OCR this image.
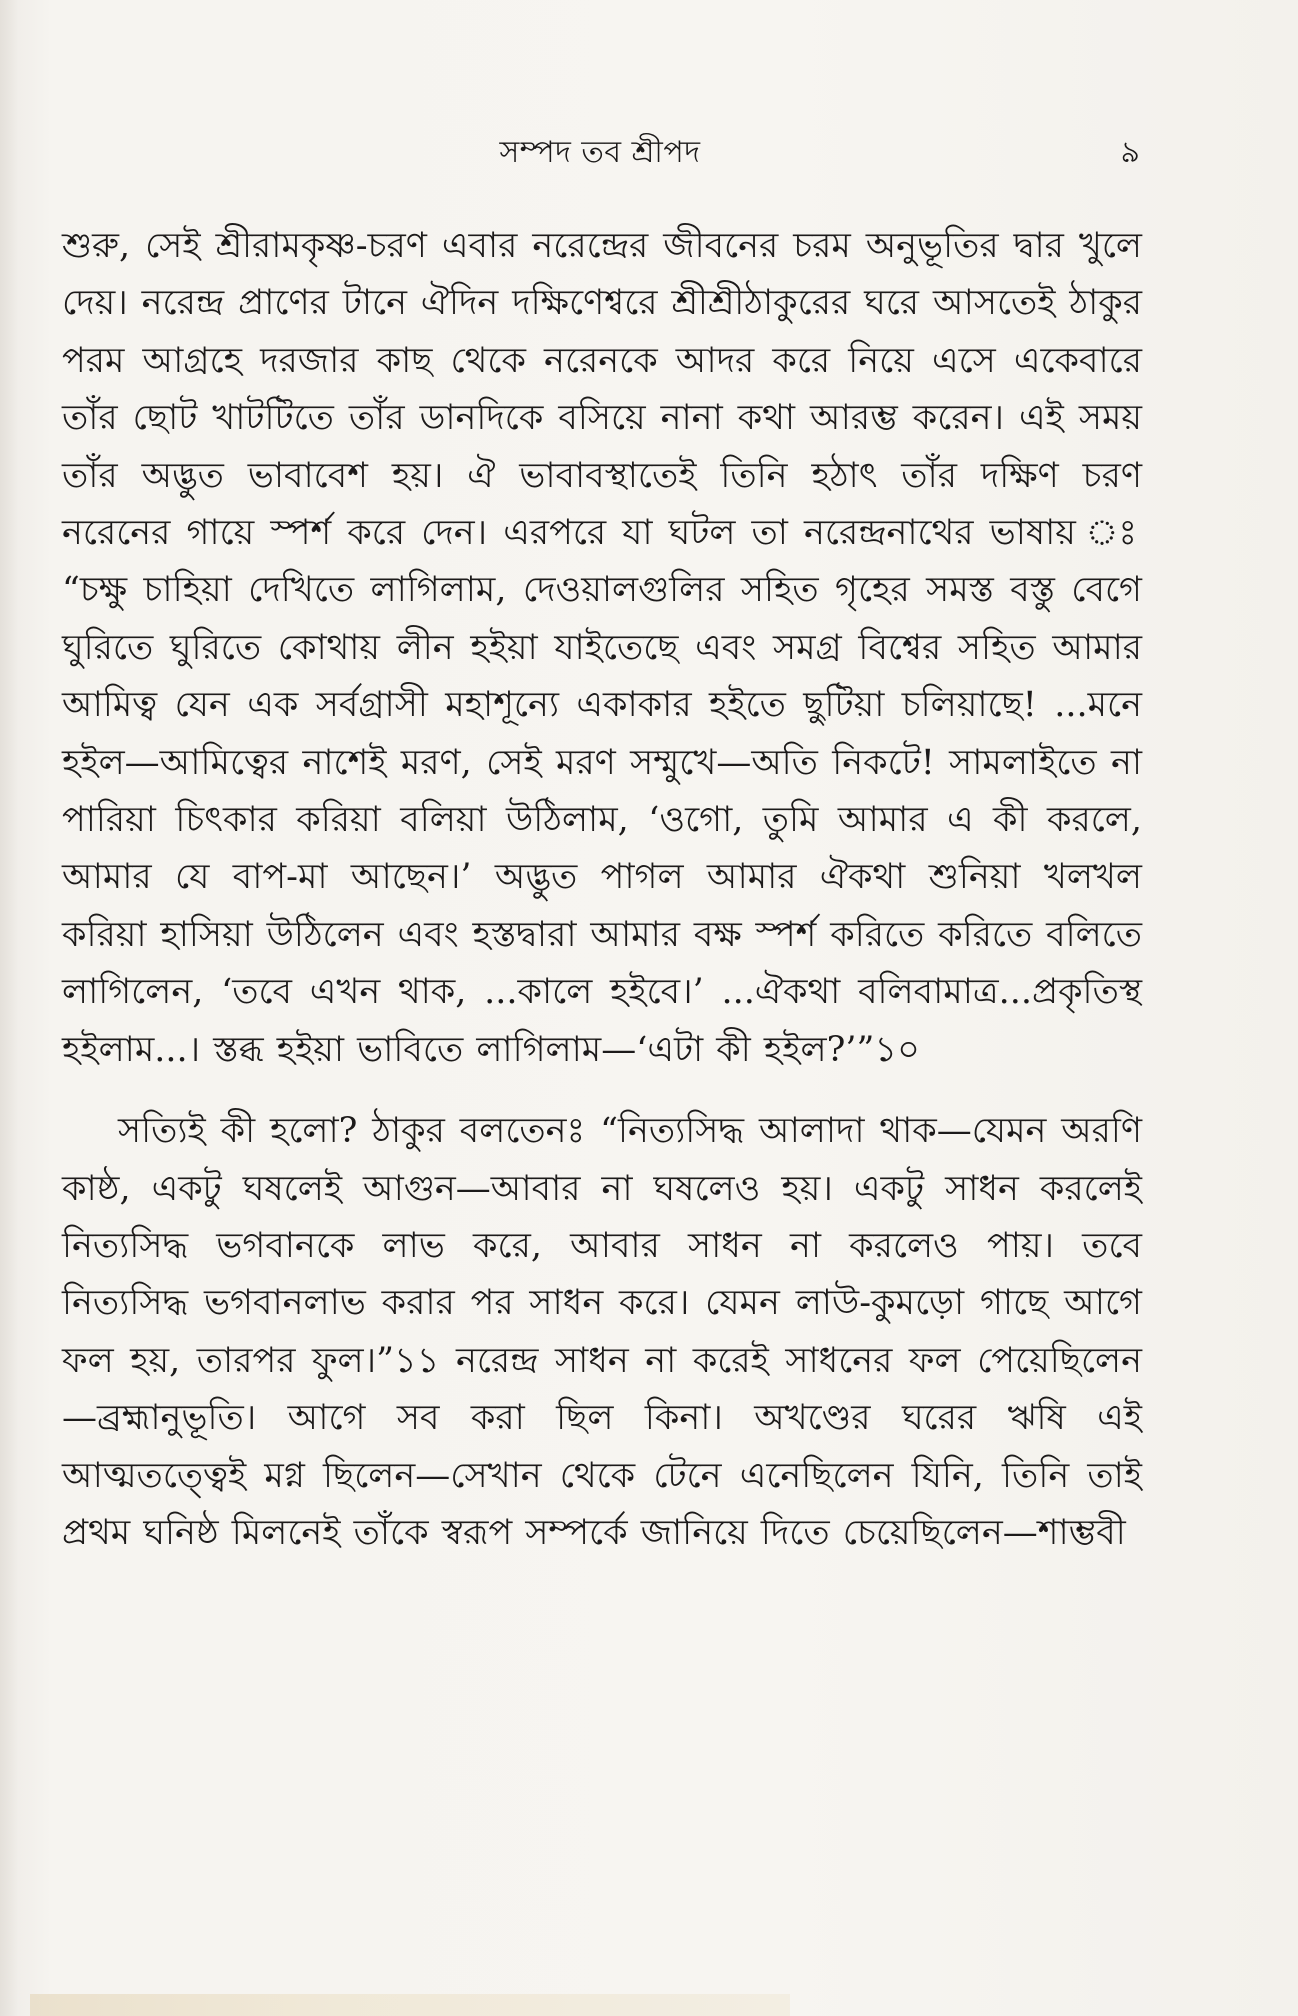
সম্পদ তব শ্রীপদ	৯

শুরু, সেই শ্রীরামকৃষ্ণ-চরণ এবার নরেন্দ্রের জীবনের চরম অনুভূতির দ্বার খুলে দেয়। নরেন্দ্র প্রাণের টানে ঐদিন দক্ষিণেশ্বরে শ্রীশ্রীঠাকুরের ঘরে আসতেই ঠাকুর পরম আগ্রহে দরজার কাছ থেকে নরেনকে আদর করে নিয়ে এসে একেবারে তাঁর ছোট খাটটিতে তাঁর ডানদিকে বসিয়ে নানা কথা আরম্ভ করেন। এই সময় তাঁর অদ্ভুত ভাবাবেশ হয়। ঐ ভাবাবস্থাতেই তিনি হঠাৎ তাঁর দক্ষিণ চরণ নরেনের গায়ে স্পর্শ করে দেন। এরপরে যা ঘটল তা নরেন্দ্রনাথের ভাষায় ঃ “চক্ষু চাহিয়া দেখিতে লাগিলাম, দেওয়ালগুলির সহিত গৃহের সমস্ত বস্তু বেগে ঘুরিতে ঘুরিতে কোথায় লীন হইয়া যাইতেছে এবং সমগ্র বিশ্বের সহিত আমার আমিত্ব যেন এক সর্বগ্রাসী মহাশূন্যে একাকার হইতে ছুটিয়া চলিয়াছে! ...মনে হইল—আমিত্বের নাশেই মরণ, সেই মরণ সম্মুখে—অতি নিকটে! সামলাইতে না পারিয়া চিৎকার করিয়া বলিয়া উঠিলাম, ‘ওগো, তুমি আমার এ কী করলে, আমার যে বাপ-মা আছেন।’ অদ্ভুত পাগল আমার ঐকথা শুনিয়া খলখল করিয়া হাসিয়া উঠিলেন এবং হস্তদ্বারা আমার বক্ষ স্পর্শ করিতে করিতে বলিতে লাগিলেন, ‘তবে এখন থাক, ...কালে হইবে।’ ...ঐকথা বলিবামাত্র...প্রকৃতিস্থ হইলাম...। স্তব্ধ হইয়া ভাবিতে লাগিলাম—‘এটা কী হইল?’”১০

সত্যিই কী হলো? ঠাকুর বলতেনঃ “নিত্যসিদ্ধ আলাদা থাক—যেমন অরণি কাষ্ঠ, একটু ঘষলেই আগুন—আবার না ঘষলেও হয়। একটু সাধন করলেই নিত্যসিদ্ধ ভগবানকে লাভ করে, আবার সাধন না করলেও পায়। তবে নিত্যসিদ্ধ ভগবানলাভ করার পর সাধন করে। যেমন লাউ-কুমড়ো গাছে আগে ফল হয়, তারপর ফুল।”১১ নরেন্দ্র সাধন না করেই সাধনের ফল পেয়েছিলেন—ব্রহ্মানুভূতি। আগে সব করা ছিল কিনা। অখণ্ডের ঘরের ঋষি এই আত্মতত্ত্বেই মগ্ন ছিলেন—সেখান থেকে টেনে এনেছিলেন যিনি, তিনি তাই প্রথম ঘনিষ্ঠ মিলনেই তাঁকে স্বরূপ সম্পর্কে জানিয়ে দিতে চেয়েছিলেন—শাম্ভবী
